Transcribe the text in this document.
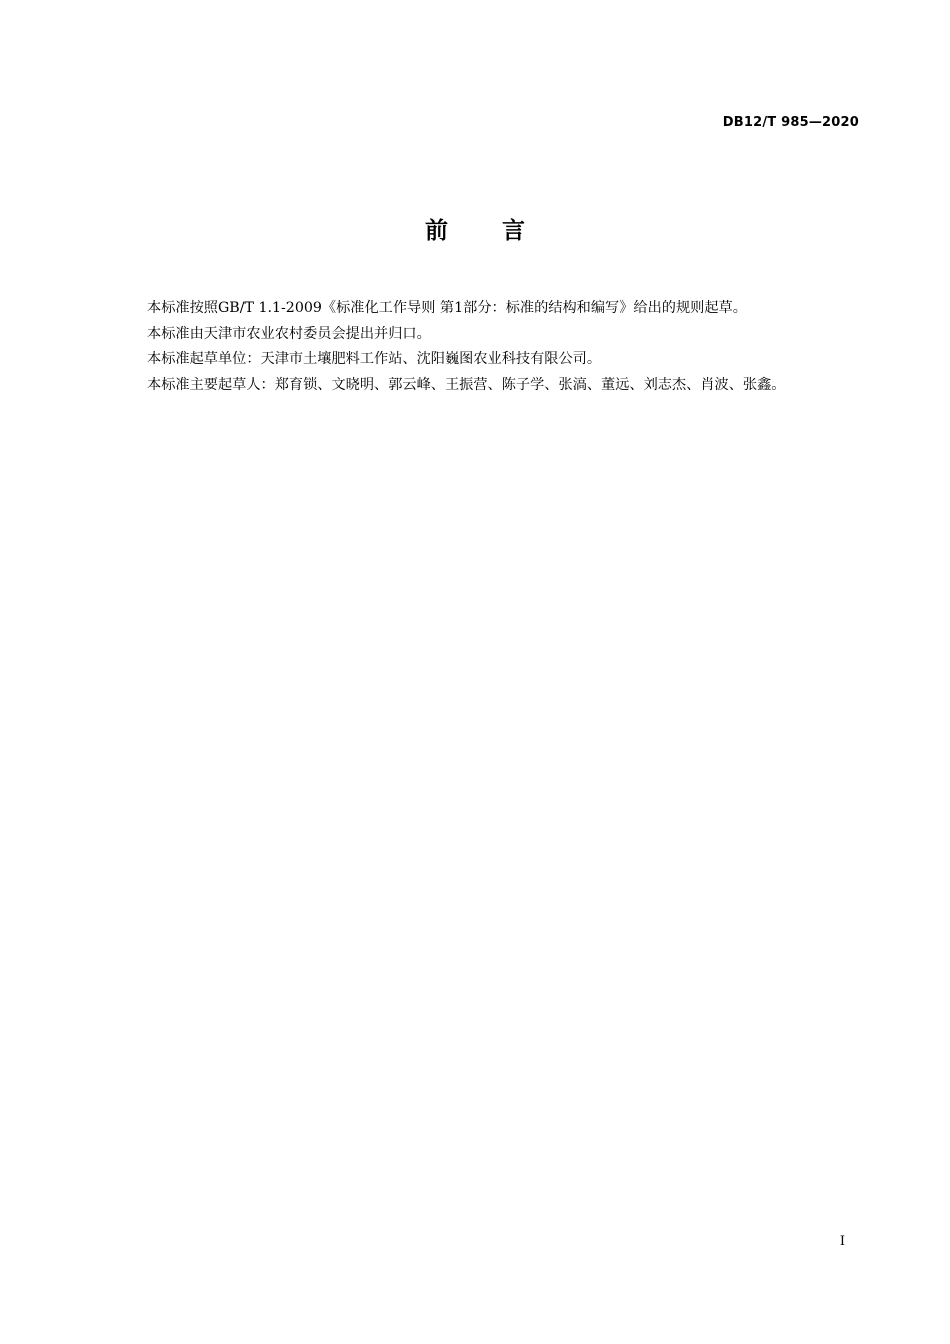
DB12/T 985—2020
前 言

本标准按照GB/T 1.1-2009《标准化工作导则 第1部分：标准的结构和编写》给出的规则起草。

本标准由天津市农业农村委员会提出并归口。

本标准起草单位：天津市土壤肥料工作站、沈阳巍图农业科技有限公司。

本标准主要起草人：郑育锁、文晓明、郭云峰、王振营、陈子学、张滈、董远、刘志杰、肖波、张鑫。

I
